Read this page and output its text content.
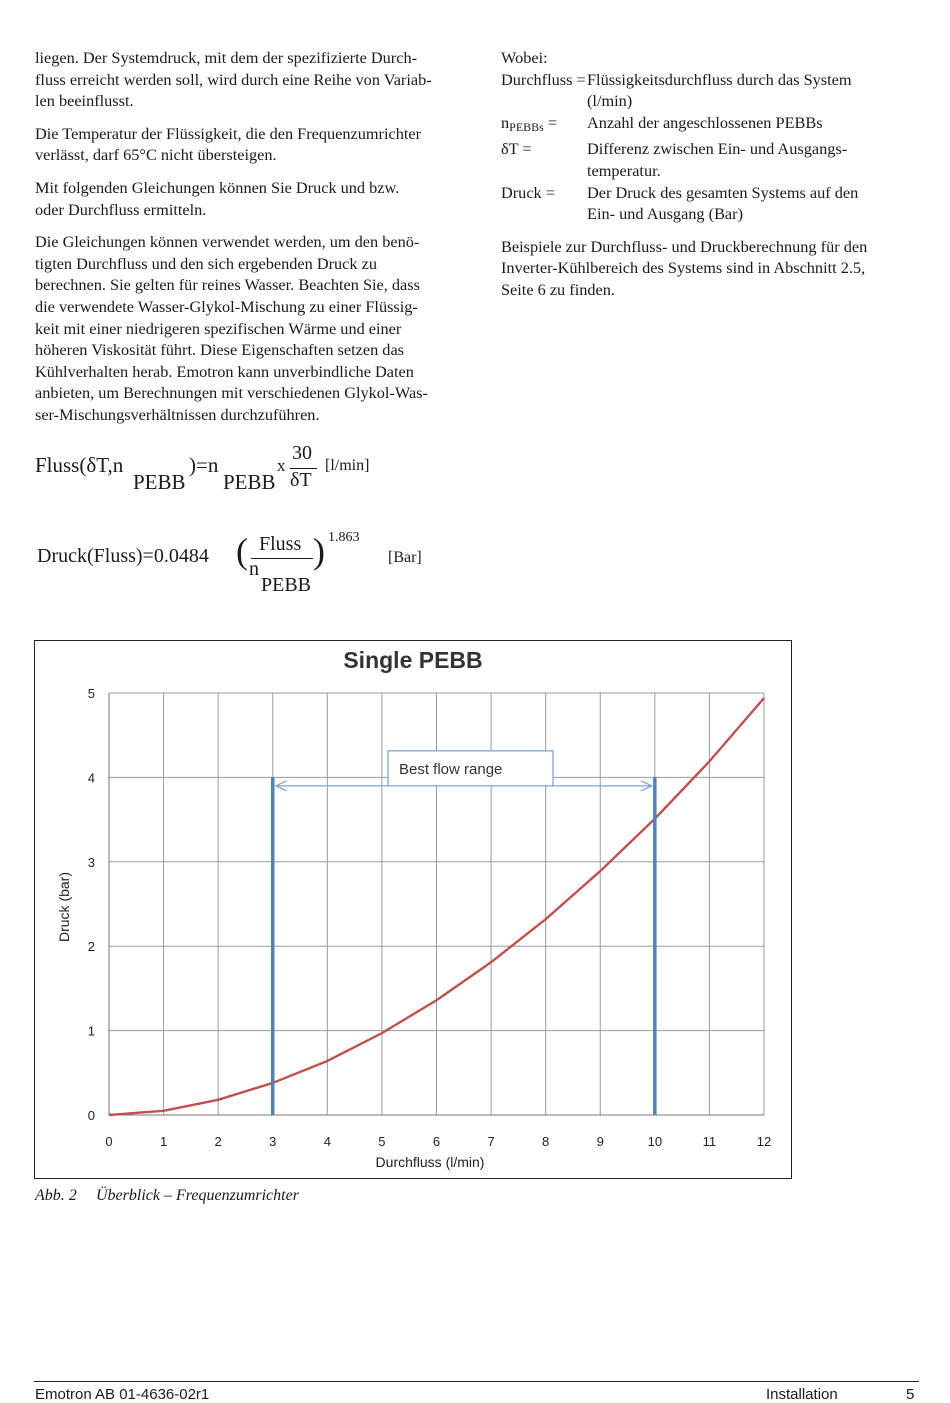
liegen. Der Systemdruck, mit dem der spezifizierte Durch-
fluss erreicht werden soll, wird durch eine Reihe von Variab-
len beeinflusst.

Die Temperatur der Flüssigkeit, die den Frequenzumrichter
verlässt, darf 65°C nicht übersteigen.

Mit folgenden Gleichungen können Sie Druck und bzw.
oder Durchfluss ermitteln.

Die Gleichungen können verwendet werden, um den benö-
tigten Durchfluss und den sich ergebenden Druck zu
berechnen. Sie gelten für reines Wasser. Beachten Sie, dass
die verwendete Wasser-Glykol-Mischung zu einer Flüssig-
keit mit einer niedrigeren spezifischen Wärme und einer
höheren Viskosität führt. Diese Eigenschaften setzen das
Kühlverhalten herab. Emotron kann unverbindliche Daten
anbieten, um Berechnungen mit verschiedenen Glykol-Was-
ser-Mischungsverhältnissen durchzuführen.

Wobei:
Durchfluss = Flüssigkeitsdurchfluss durch das System
(l/min)
$n_{PEBBs}$ =	Anzahl der angeschlossenen PEBBs
δT =	Differenz zwischen Ein- und Ausgangs-
temperatur.
Druck =	Der Druck des gesamten Systems auf den
Ein- und Ausgang (Bar)

Beispiele zur Durchfluss- und Druckberechnung für den
Inverter-Kühlbereich des Systems sind in Abschnitt 2.5,
Seite 6 zu finden.

Fluss(δT,n
PEBB
)=n
PEBB
x
30
δT
[l/min]
Druck(Fluss)=0.0484 ( Fluss
n
PEBB
) 1.863
[Bar]
0	1	2	3	4	5	6	7	8	9	10	11	12
0
1
2
3
4
5
Single PEBB
Durchfluss (l/min)
Druck (bar)
Best flow range
Abb. 2 Überblick – Frequenzumrichter
Emotron AB 01-4636-02r1	Installation	5
